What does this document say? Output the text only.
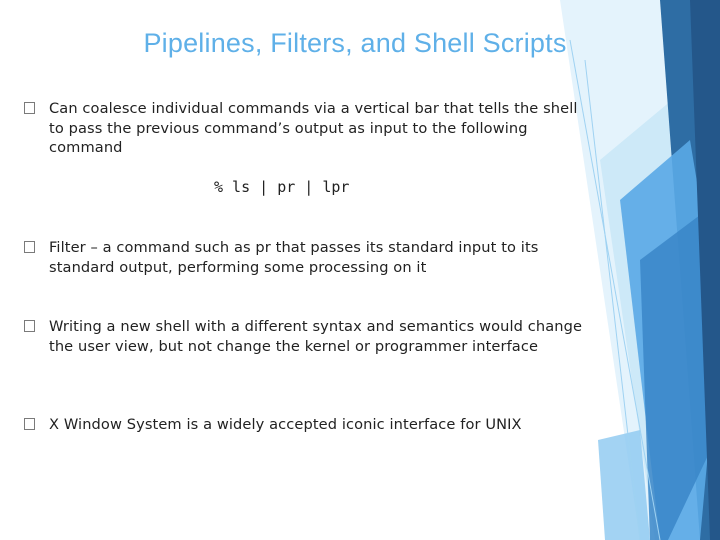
Pipelines, Filters, and Shell Scripts
Can coalesce individual commands via a vertical bar that tells the shell to pass the previous command’s output as input to the following command
% ls | pr | lpr
Filter – a command such as pr that passes its standard input to its standard output, performing some processing on it
Writing a new shell with a different syntax and semantics would change the user view, but not change the kernel or programmer interface
X Window System is a widely accepted iconic interface for UNIX
